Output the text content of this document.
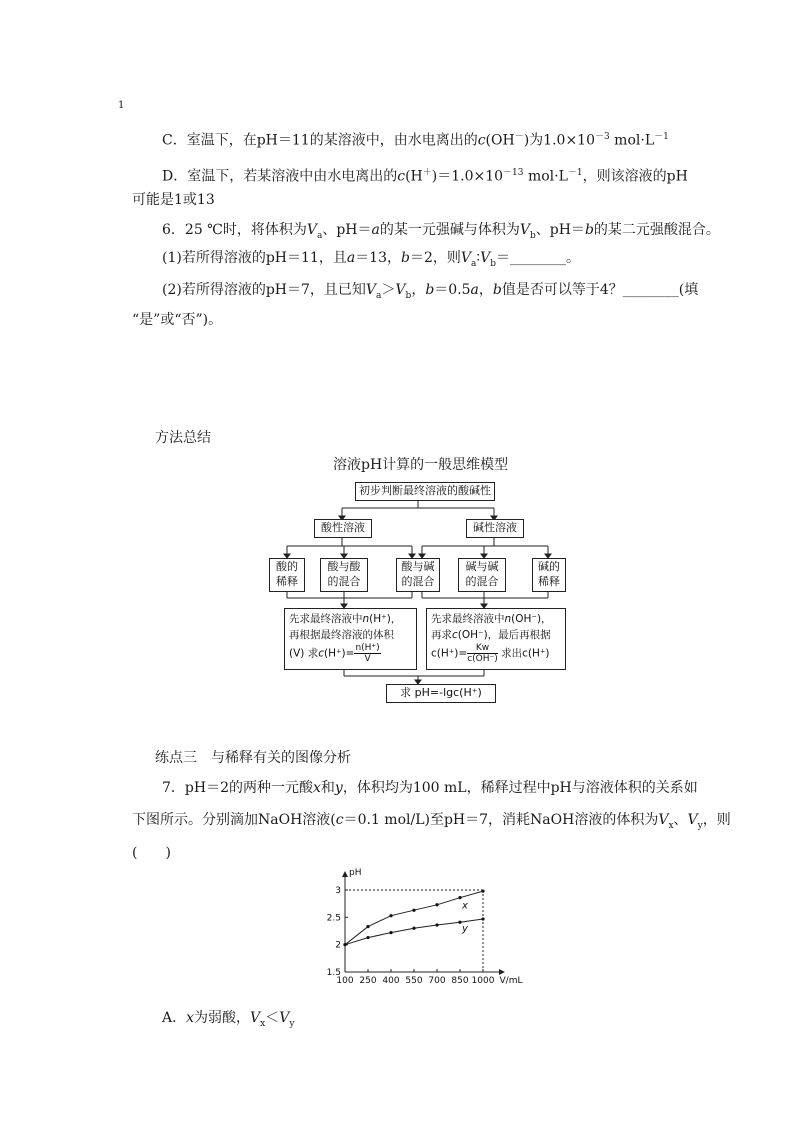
1
C．室温下，在pH＝11的某溶液中，由水电离出的c(OH－)为$1.0\times 10^{-3}$ $mol\cdot L^{-1}$
D．室温下，若某溶液中由水电离出的$c(H^+)=1.0\times 10^{-13}$ $mol\cdot L^{-1}$，则该溶液的pH
可能是1或13
6．25 ℃时，将体积为$V_a$、pH＝a的某一元强碱与体积为$V_b$、pH＝b的某二元强酸混合。
(1)若所得溶液的pH＝11，且a＝13，b＝2，则$V_a∶V_b=\_\_\_\_\_\_\_\_$。
(2)若所得溶液的pH＝7，且已知$V_a>V_b$，b＝0.5a，b值是否可以等于4？________(填
“是”或“否”)。
方法总结
溶液pH计算的一般思维模型
初步判断最终溶液的酸碱性
酸性溶液	碱性溶液
酸的
稀释
酸与酸
的混合
酸与碱
的混合
碱与碱
的混合
碱的
稀释
先求最终溶液中n(H⁺)，
再根据最终溶液的体积
(V) 求$c(H^+)= \frac{n(H^+)}{V}$
先求最终溶液中n(OH⁻)，
再求c(OH⁻)，最后再根据
$c(H^+)= \frac{Kw}{c(OH^-)}$ 求出c(H⁺)
求 pH=-lgc(H⁺)
练点三　与稀释有关的图像分析
7．pH＝2的两种一元酸x和y，体积均为100 mL，稀释过程中pH与溶液体积的关系如
下图所示。分别滴加NaOH溶液(c＝0.1 mol/L)至pH＝7，消耗NaOH溶液的体积为$V_x$、$V_y$，则
(　　)
1.5
2
2.5
3
100 250 400 550 700 850 1000
pH
V/mL
x
y
A．x为弱酸，$V_x<V_y$
